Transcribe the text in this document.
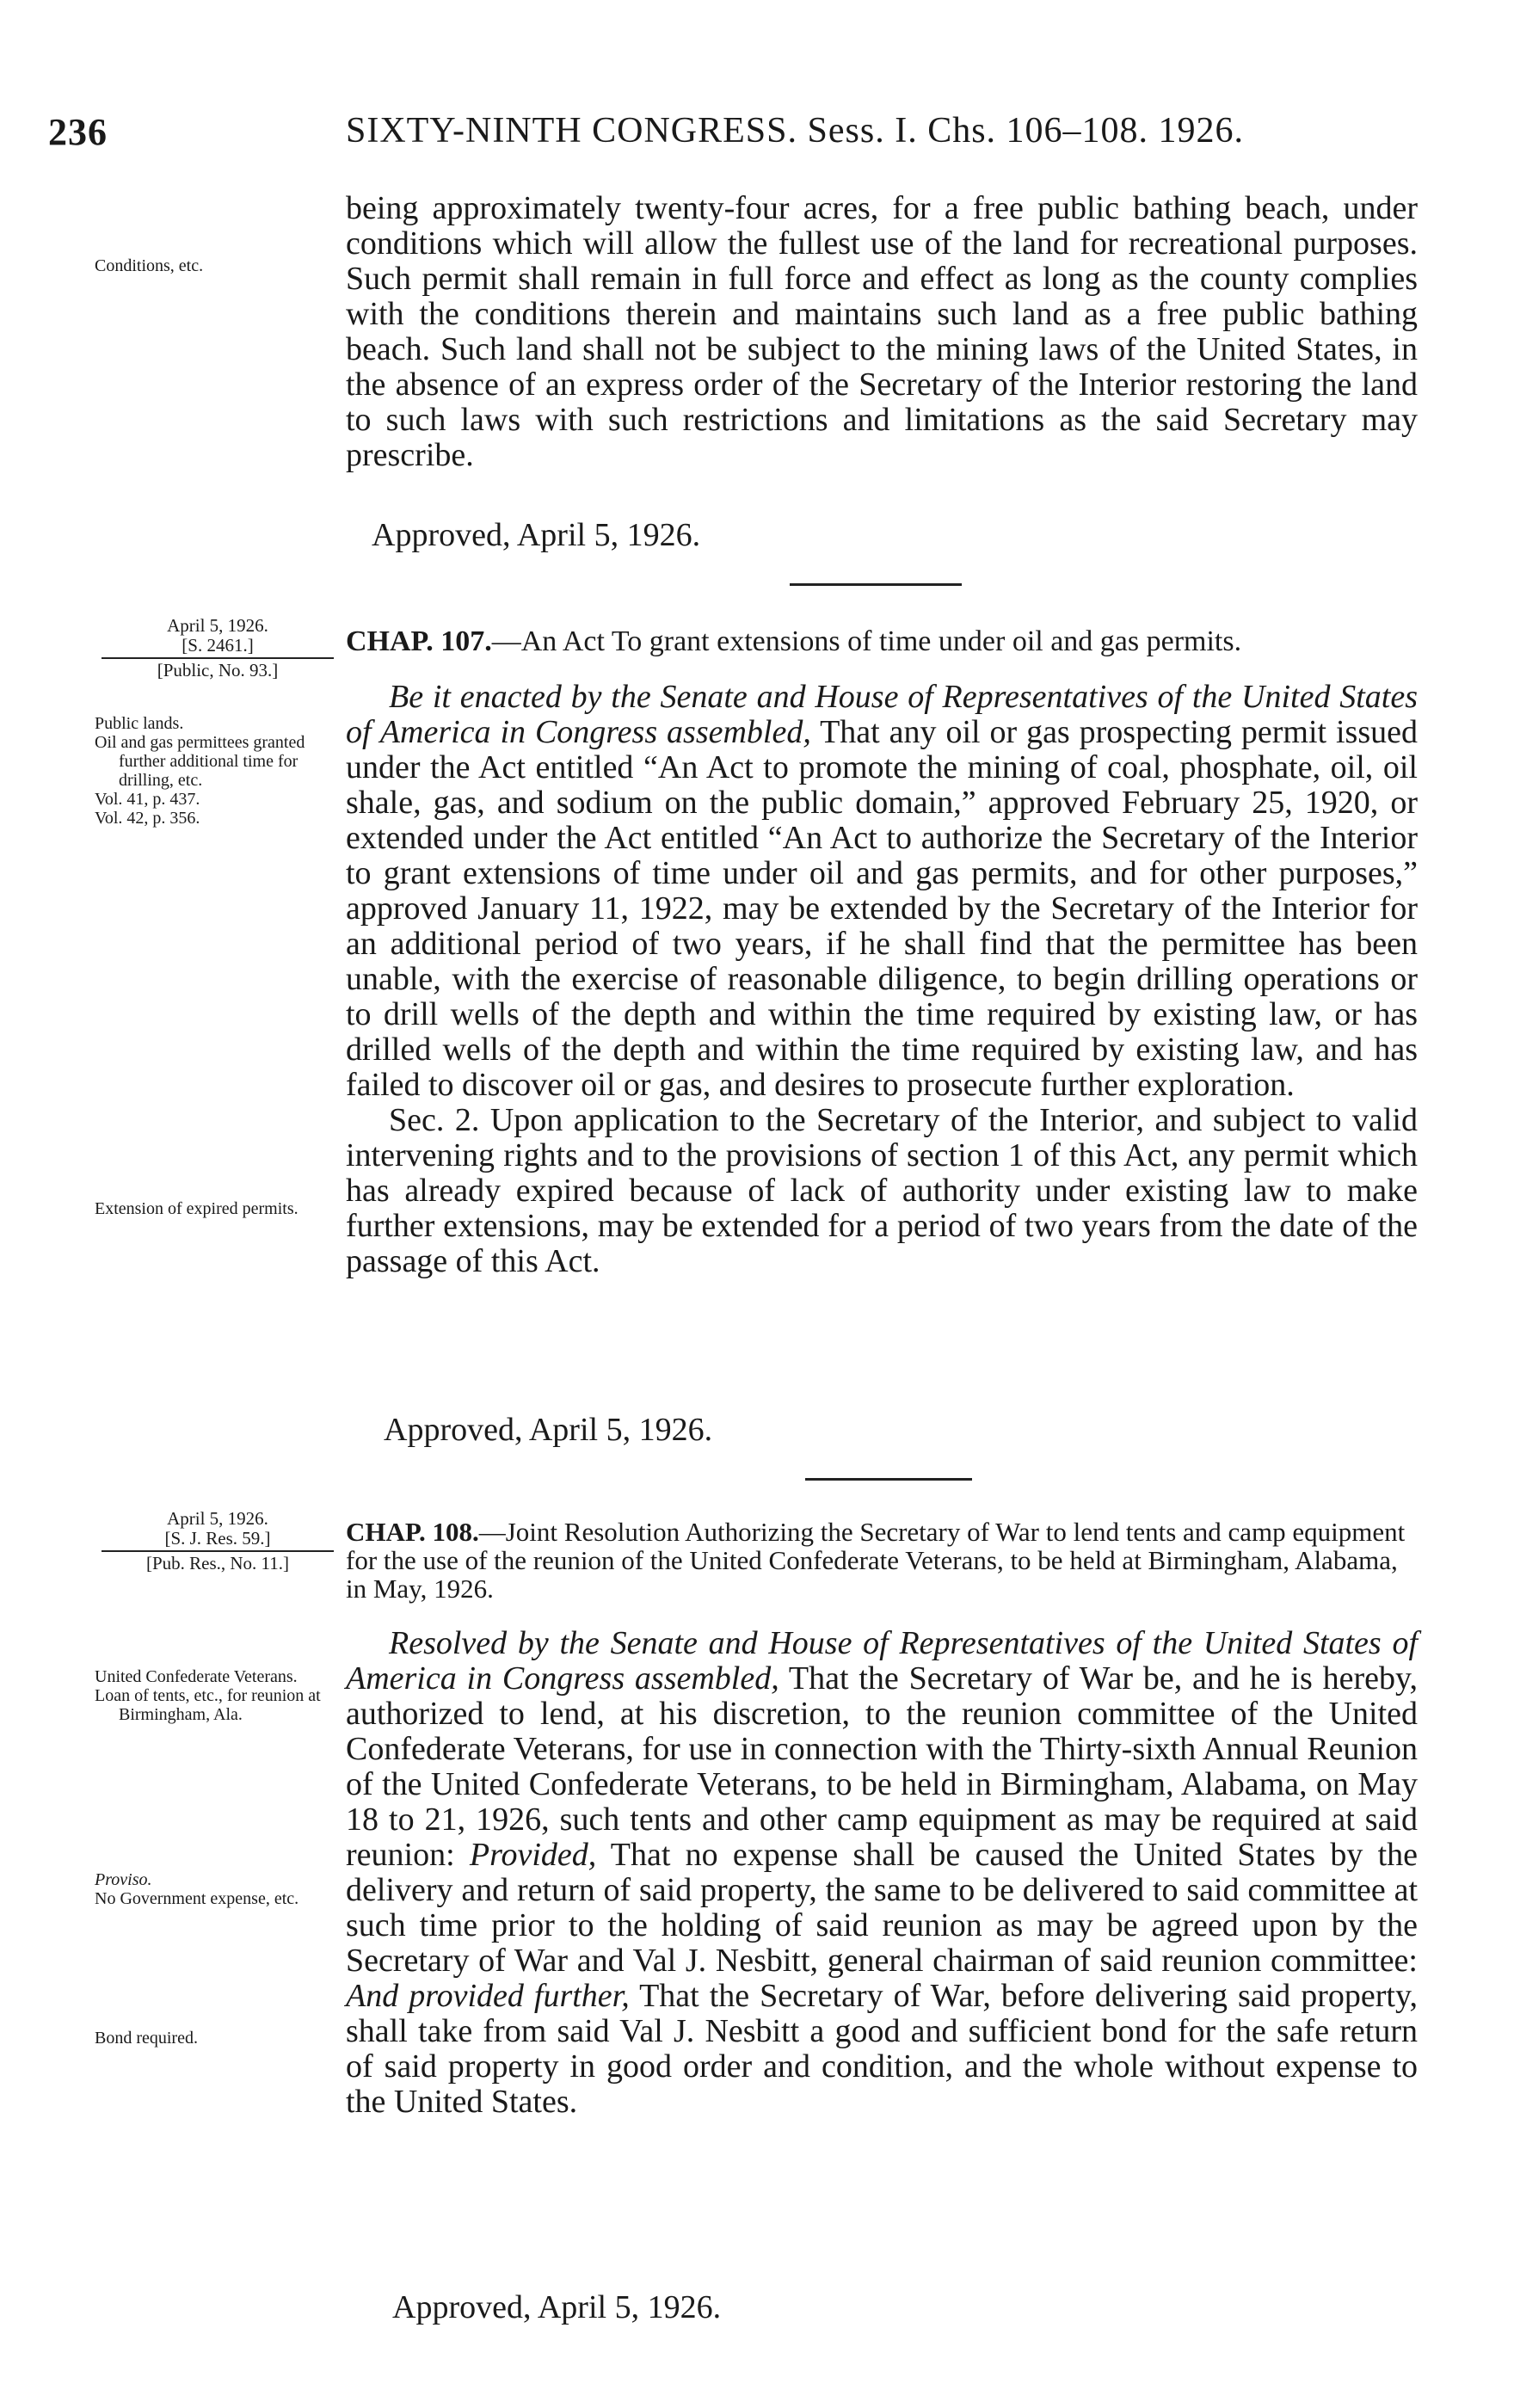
236	SIXTY-NINTH CONGRESS. Sess. I. Chs. 106–108. 1926.
Conditions, etc.

being approximately twenty-four acres, for a free public bathing beach, under conditions which will allow the fullest use of the land for recreational purposes. Such permit shall remain in full force and effect as long as the county complies with the conditions therein and maintains such land as a free public bathing beach. Such land shall not be subject to the mining laws of the United States, in the absence of an express order of the Secretary of the Interior restoring the land to such laws with such restrictions and limitations as the said Secretary may prescribe.

Approved, April 5, 1926.
April 5, 1926.
[S. 2461.]
[Public, No. 93.]
CHAP. 107.—An Act To grant extensions of time under oil and gas permits.
Public lands.
Oil and gas permittees granted further additional time for drilling, etc.
Vol. 41, p. 437.
Vol. 42, p. 356.

Be it enacted by the Senate and House of Representatives of the United States of America in Congress assembled, That any oil or gas prospecting permit issued under the Act entitled “An Act to promote the mining of coal, phosphate, oil, oil shale, gas, and sodium on the public domain,” approved February 25, 1920, or extended under the Act entitled “An Act to authorize the Secretary of the Interior to grant extensions of time under oil and gas permits, and for other purposes,” approved January 11, 1922, may be extended by the Secretary of the Interior for an additional period of two years, if he shall find that the permittee has been unable, with the exercise of reasonable diligence, to begin drilling operations or to drill wells of the depth and within the time required by existing law, or has drilled wells of the depth and within the time required by existing law, and has failed to discover oil or gas, and desires to prosecute further exploration.

Sec. 2. Upon application to the Secretary of the Interior, and subject to valid intervening rights and to the provisions of section 1 of this Act, any permit which has already expired because of lack of authority under existing law to make further extensions, may be extended for a period of two years from the date of the passage of this Act.

Extension of expired permits.
Approved, April 5, 1926.
April 5, 1926.
[S. J. Res. 59.]
[Pub. Res., No. 11.]
CHAP. 108.—Joint Resolution Authorizing the Secretary of War to lend tents and camp equipment for the use of the reunion of the United Confederate Veterans, to be held at Birmingham, Alabama, in May, 1926.
United Confederate Veterans.
Loan of tents, etc., for reunion at Birmingham, Ala.
Proviso.
No Government expense, etc.
Bond required.

Resolved by the Senate and House of Representatives of the United States of America in Congress assembled, That the Secretary of War be, and he is hereby, authorized to lend, at his discretion, to the reunion committee of the United Confederate Veterans, for use in connection with the Thirty-sixth Annual Reunion of the United Confederate Veterans, to be held in Birmingham, Alabama, on May 18 to 21, 1926, such tents and other camp equipment as may be required at said reunion: Provided, That no expense shall be caused the United States by the delivery and return of said property, the same to be delivered to said committee at such time prior to the holding of said reunion as may be agreed upon by the Secretary of War and Val J. Nesbitt, general chairman of said reunion committee: And provided further, That the Secretary of War, before delivering said property, shall take from said Val J. Nesbitt a good and sufficient bond for the safe return of said property in good order and condition, and the whole without expense to the United States.

Approved, April 5, 1926.
